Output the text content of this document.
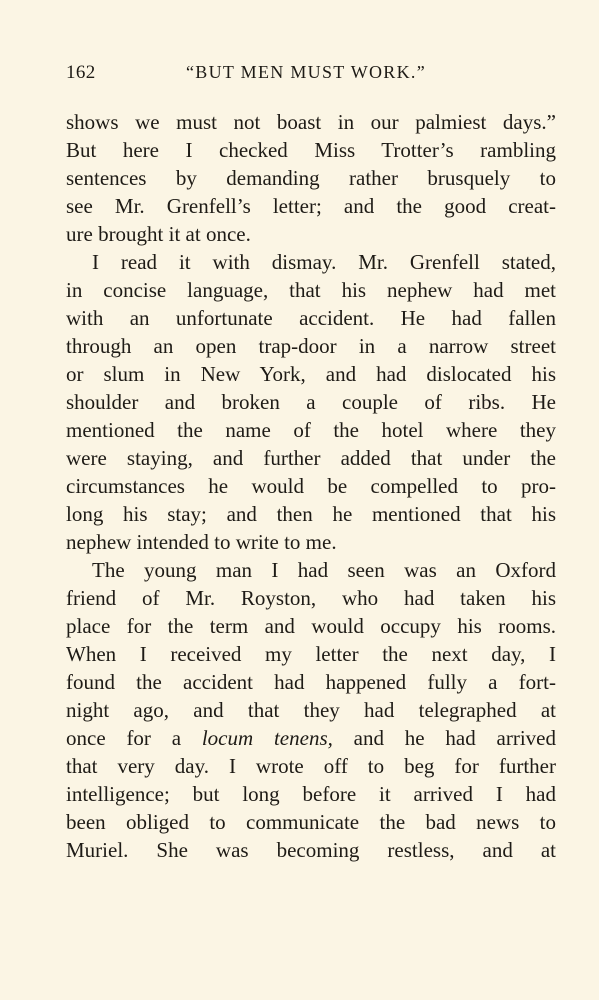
162	“BUT MEN MUST WORK.”
shows we must not boast in our palmiest days.”
But here I checked Miss Trotter’s rambling
sentences by demanding rather brusquely to
see Mr. Grenfell’s letter; and the good creat-
ure brought it at once.
I read it with dismay. Mr. Grenfell stated,
in concise language, that his nephew had met
with an unfortunate accident. He had fallen
through an open trap-door in a narrow street
or slum in New York, and had dislocated his
shoulder and broken a couple of ribs. He
mentioned the name of the hotel where they
were staying, and further added that under the
circumstances he would be compelled to pro-
long his stay; and then he mentioned that his
nephew intended to write to me.
The young man I had seen was an Oxford
friend of Mr. Royston, who had taken his
place for the term and would occupy his rooms.
When I received my letter the next day, I
found the accident had happened fully a fort-
night ago, and that they had telegraphed at
once for a locum tenens, and he had arrived
that very day. I wrote off to beg for further
intelligence; but long before it arrived I had
been obliged to communicate the bad news to
Muriel. She was becoming restless, and at
